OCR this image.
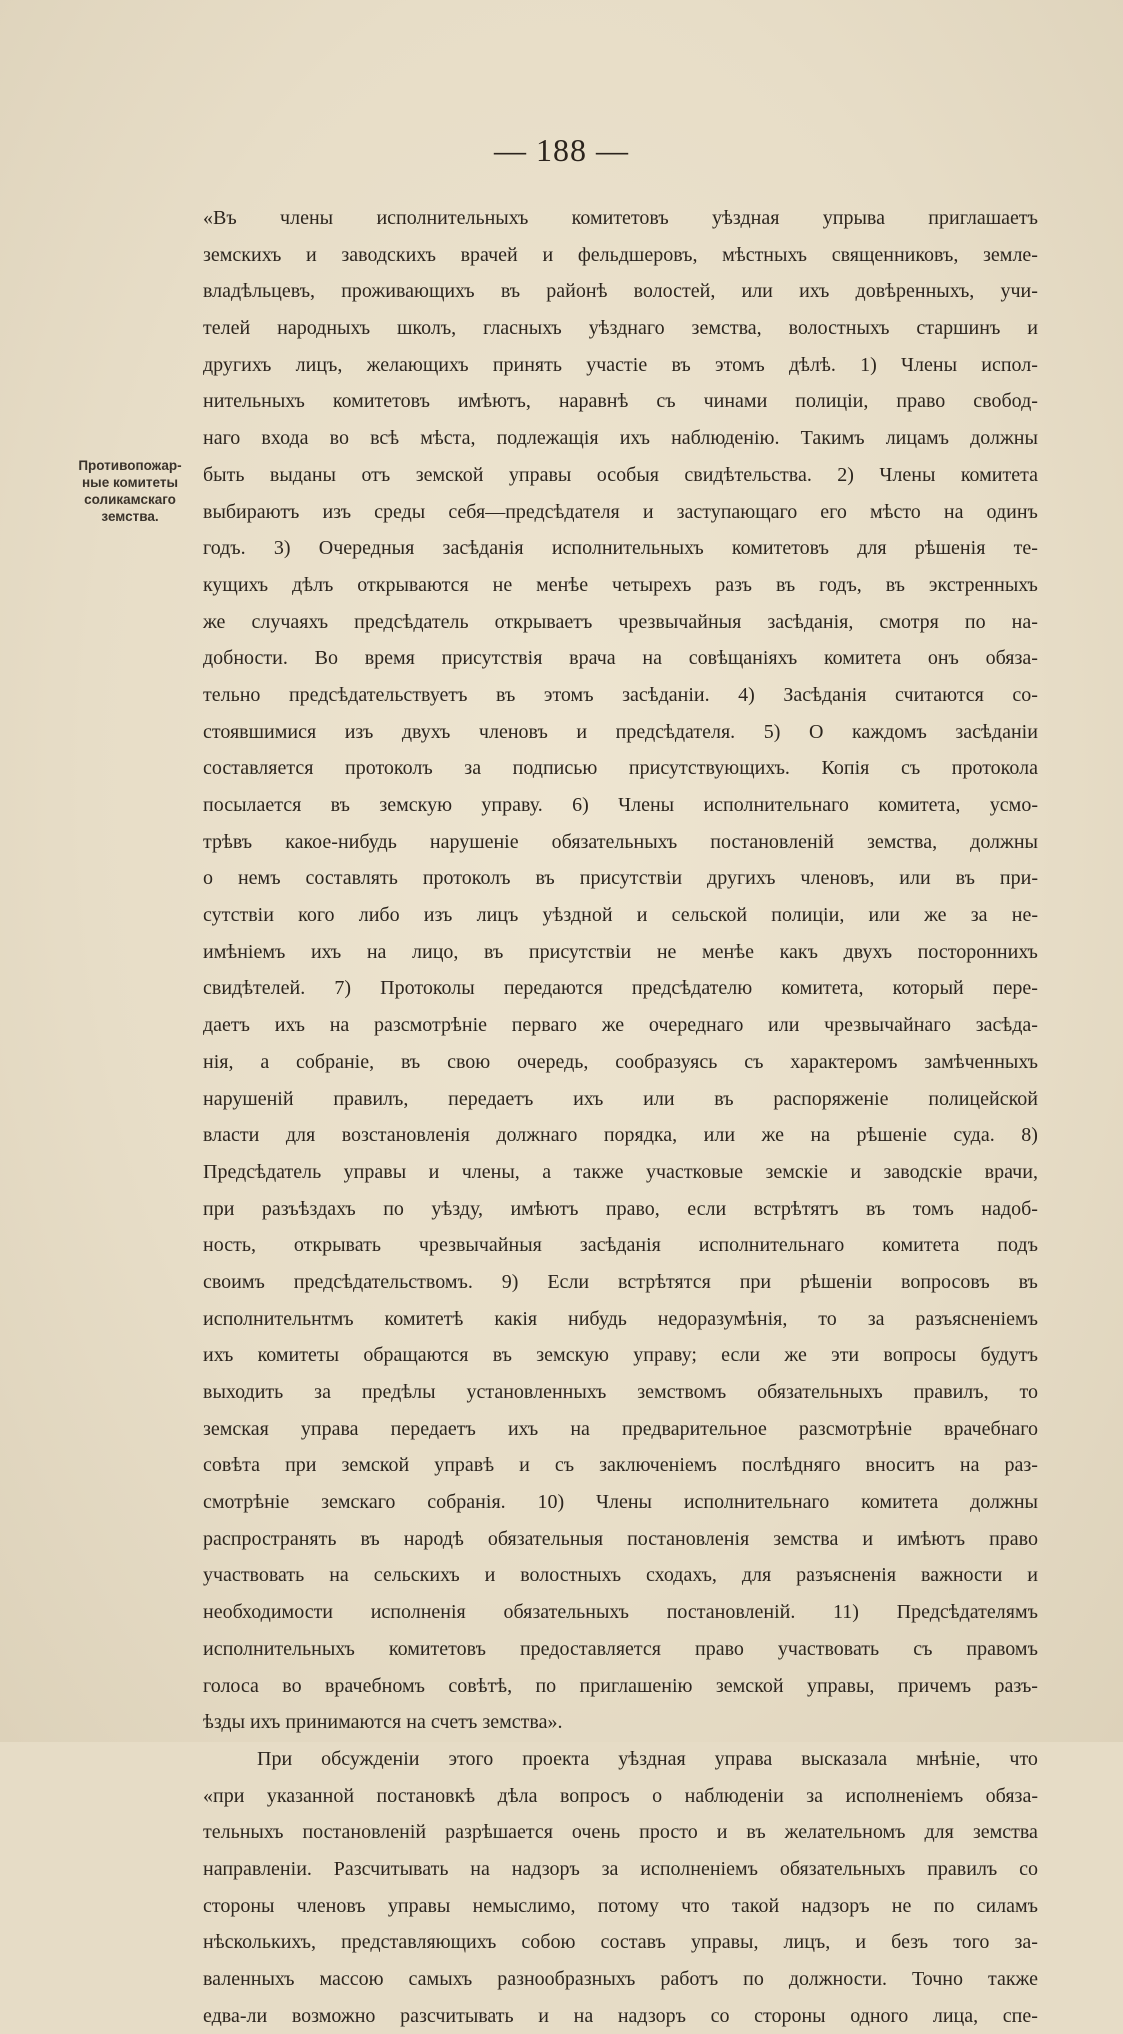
— 188 —
Противопожар-
ные комитеты
соликамскаго
земства.
«Въ члены исполнительныхъ комитетовъ уѣздная упрыва приглашаетъ
земскихъ и заводскихъ врачей и фельдшеровъ, мѣстныхъ священниковъ, земле-
владѣльцевъ, проживающихъ въ районѣ волостей, или ихъ довѣренныхъ, учи-
телей народныхъ школъ, гласныхъ уѣзднаго земства, волостныхъ старшинъ и
другихъ лицъ, желающихъ принять участіе въ этомъ дѣлѣ. 1) Члены испол-
нительныхъ комитетовъ имѣютъ, наравнѣ съ чинами полиціи, право свобод-
наго входа во всѣ мѣста, подлежащія ихъ наблюденію. Такимъ лицамъ должны
быть выданы отъ земской управы особыя свидѣтельства. 2) Члены комитета
выбираютъ изъ среды себя—предсѣдателя и заступающаго его мѣсто на одинъ
годъ. 3) Очередныя засѣданія исполнительныхъ комитетовъ для рѣшенія те-
кущихъ дѣлъ открываются не менѣе четырехъ разъ въ годъ, въ экстренныхъ
же случаяхъ предсѣдатель открываетъ чрезвычайныя засѣданія, смотря по на-
добности. Во время присутствія врача на совѣщаніяхъ комитета онъ обяза-
тельно предсѣдательствуетъ въ этомъ засѣданіи. 4) Засѣданія считаются со-
стоявшимися изъ двухъ членовъ и предсѣдателя. 5) О каждомъ засѣданіи
составляется протоколъ за подписью присутствующихъ. Копія съ протокола
посылается въ земскую управу. 6) Члены исполнительнаго комитета, усмо-
трѣвъ какое-нибудь нарушеніе обязательныхъ постановленій земства, должны
о немъ составлять протоколъ въ присутствіи другихъ членовъ, или въ при-
сутствіи кого либо изъ лицъ уѣздной и сельской полиціи, или же за не-
имѣніемъ ихъ на лицо, въ присутствіи не менѣе какъ двухъ постороннихъ
свидѣтелей. 7) Протоколы передаются предсѣдателю комитета, который пере-
даетъ ихъ на разсмотрѣніе перваго же очереднаго или чрезвычайнаго засѣда-
нія, а собраніе, въ свою очередь, сообразуясь съ характеромъ замѣченныхъ
нарушеній правилъ, передаетъ ихъ или въ распоряженіе полицейской
власти для возстановленія должнаго порядка, или же на рѣшеніе суда. 8)
Предсѣдатель управы и члены, а также участковые земскіе и заводскіе врачи,
при разъѣздахъ по уѣзду, имѣютъ право, если встрѣтятъ въ томъ надоб-
ность, открывать чрезвычайныя засѣданія исполнительнаго комитета подъ
своимъ предсѣдательствомъ. 9) Если встрѣтятся при рѣшеніи вопросовъ въ
исполнительнтмъ комитетѣ какія нибудь недоразумѣнія, то за разъясненіемъ
ихъ комитеты обращаются въ земскую управу; если же эти вопросы будутъ
выходить за предѣлы установленныхъ земствомъ обязательныхъ правилъ, то
земская управа передаетъ ихъ на предварительное разсмотрѣніе врачебнаго
совѣта при земской управѣ и съ заключеніемъ послѣдняго вноситъ на раз-
смотрѣніе земскаго собранія. 10) Члены исполнительнаго комитета должны
распространять въ народѣ обязательныя постановленія земства и имѣютъ право
участвовать на сельскихъ и волостныхъ сходахъ, для разъясненія важности и
необходимости исполненія обязательныхъ постановленій. 11) Предсѣдателямъ
исполнительныхъ комитетовъ предоставляется право участвовать съ правомъ
голоса во врачебномъ совѣтѣ, по приглашенію земской управы, причемъ разъ-
ѣзды ихъ принимаются на счетъ земства».
При обсужденіи этого проекта уѣздная управа высказала мнѣніе, что
«при указанной постановкѣ дѣла вопросъ о наблюденіи за исполненіемъ обяза-
тельныхъ постановленій разрѣшается очень просто и въ желательномъ для земства
направленіи. Разсчитывать на надзоръ за исполненіемъ обязательныхъ правилъ со
стороны членовъ управы немыслимо, потому что такой надзоръ не по силамъ
нѣсколькихъ, представляющихъ собою составъ управы, лицъ, и безъ того за-
валенныхъ массою самыхъ разнообразныхъ работъ по должности. Точно также
едва-ли возможно разсчитывать и на надзоръ со стороны одного лица, спе-
